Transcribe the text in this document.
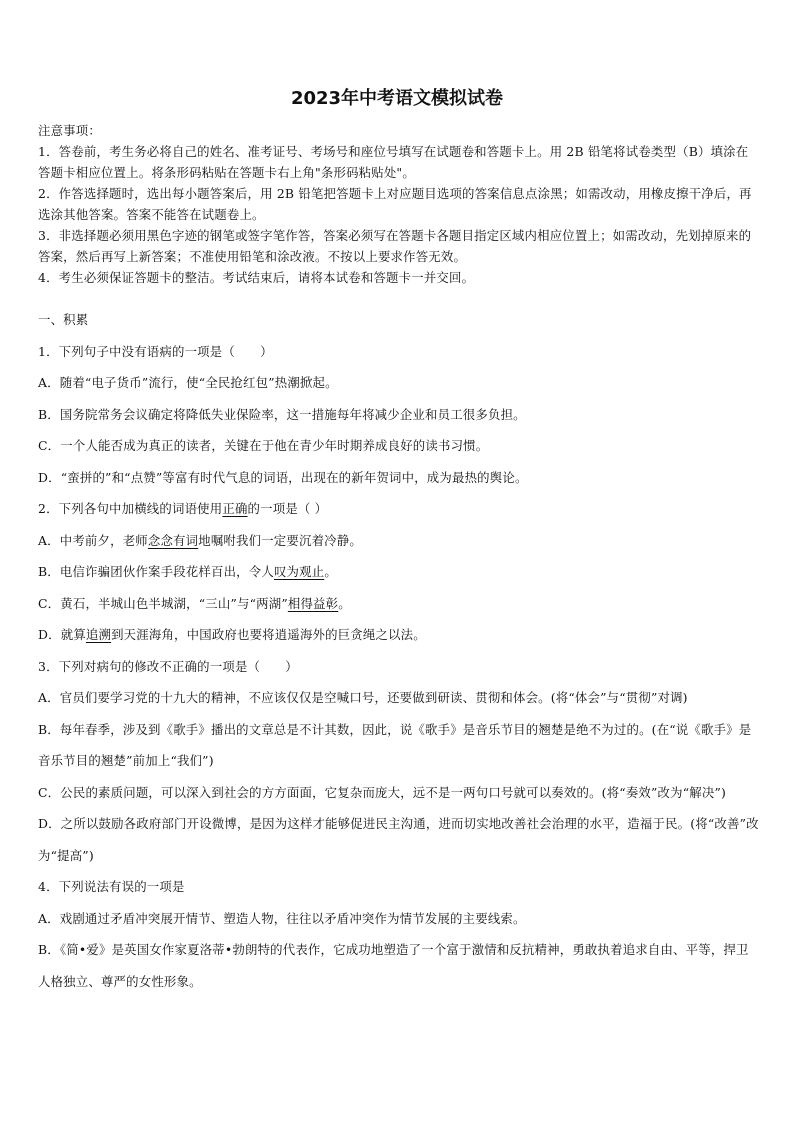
2023年中考语文模拟试卷

注意事项：

1．答卷前，考生务必将自己的姓名、准考证号、考场号和座位号填写在试题卷和答题卡上。用 2B 铅笔将试卷类型（B）填涂在答题卡相应位置上。将条形码粘贴在答题卡右上角"条形码粘贴处"。

2．作答选择题时，选出每小题答案后，用 2B 铅笔把答题卡上对应题目选项的答案信息点涂黑；如需改动，用橡皮擦干净后，再选涂其他答案。答案不能答在试题卷上。

3．非选择题必须用黑色字迹的钢笔或签字笔作答，答案必须写在答题卡各题目指定区域内相应位置上；如需改动，先划掉原来的答案，然后再写上新答案；不准使用铅笔和涂改液。不按以上要求作答无效。

4．考生必须保证答题卡的整洁。考试结束后，请将本试卷和答题卡一并交回。

一、积累

1．下列句子中没有语病的一项是（　　）

A．随着“电子货币”流行，使“全民抢红包”热潮掀起。

B．国务院常务会议确定将降低失业保险率，这一措施每年将减少企业和员工很多负担。

C．一个人能否成为真正的读者，关键在于他在青少年时期养成良好的读书习惯。

D．“蛮拼的”和“点赞”等富有时代气息的词语，出现在的新年贺词中，成为最热的舆论。

2．下列各句中加横线的词语使用正确的一项是（ ）

A．中考前夕，老师念念有词地嘱咐我们一定要沉着冷静。

B．电信诈骗团伙作案手段花样百出，令人叹为观止。

C．黄石，半城山色半城湖，“三山”与“两湖”相得益彰。

D．就算追溯到天涯海角，中国政府也要将逍遥海外的巨贪绳之以法。

3．下列对病句的修改不正确的一项是（　　）

A．官员们要学习党的十九大的精神，不应该仅仅是空喊口号，还要做到研读、贯彻和体会。(将“体会”与“贯彻”对调)

B．每年春季，涉及到《歌手》播出的文章总是不计其数，因此，说《歌手》是音乐节目的翘楚是绝不为过的。(在“说《歌手》是音乐节目的翘楚”前加上“我们”)

C．公民的素质问题，可以深入到社会的方方面面，它复杂而庞大，远不是一两句口号就可以奏效的。(将“奏效”改为“解决”)

D．之所以鼓励各政府部门开设微博，是因为这样才能够促进民主沟通，进而切实地改善社会治理的水平，造福于民。(将“改善”改为“提高”)

4．下列说法有误的一项是

A．戏剧通过矛盾冲突展开情节、塑造人物，往往以矛盾冲突作为情节发展的主要线索。

B．《简•爱》是英国女作家夏洛蒂•勃朗特的代表作，它成功地塑造了一个富于激情和反抗精神，勇敢执着追求自由、平等，捍卫人格独立、尊严的女性形象。
